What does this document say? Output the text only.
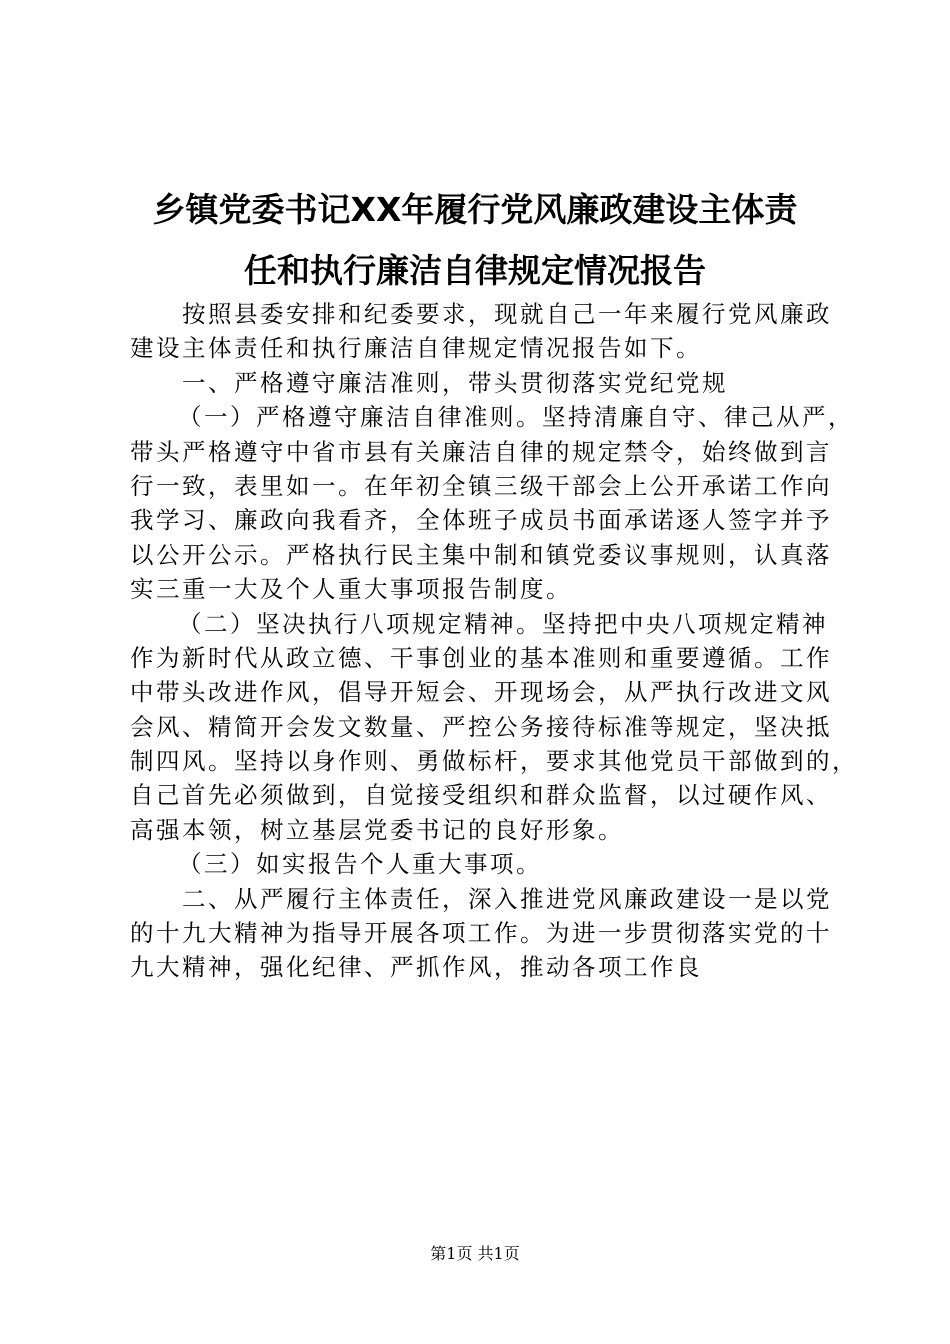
乡镇党委书记XX年履行党风廉政建设主体责
任和执行廉洁自律规定情况报告
按照县委安排和纪委要求，现就自己一年来履行党风廉政
建设主体责任和执行廉洁自律规定情况报告如下。
一、严格遵守廉洁准则，带头贯彻落实党纪党规
（一）严格遵守廉洁自律准则。坚持清廉自守、律己从严，
带头严格遵守中省市县有关廉洁自律的规定禁令，始终做到言
行一致，表里如一。在年初全镇三级干部会上公开承诺工作向
我学习、廉政向我看齐，全体班子成员书面承诺逐人签字并予
以公开公示。严格执行民主集中制和镇党委议事规则，认真落
实三重一大及个人重大事项报告制度。
（二）坚决执行八项规定精神。坚持把中央八项规定精神
作为新时代从政立德、干事创业的基本准则和重要遵循。工作
中带头改进作风，倡导开短会、开现场会，从严执行改进文风
会风、精简开会发文数量、严控公务接待标准等规定，坚决抵
制四风。坚持以身作则、勇做标杆，要求其他党员干部做到的，
自己首先必须做到，自觉接受组织和群众监督，以过硬作风、
高强本领，树立基层党委书记的良好形象。
（三）如实报告个人重大事项。
二、从严履行主体责任，深入推进党风廉政建设一是以党
的十九大精神为指导开展各项工作。为进一步贯彻落实党的十
九大精神，强化纪律、严抓作风，推动各项工作良
第1页 共1页
